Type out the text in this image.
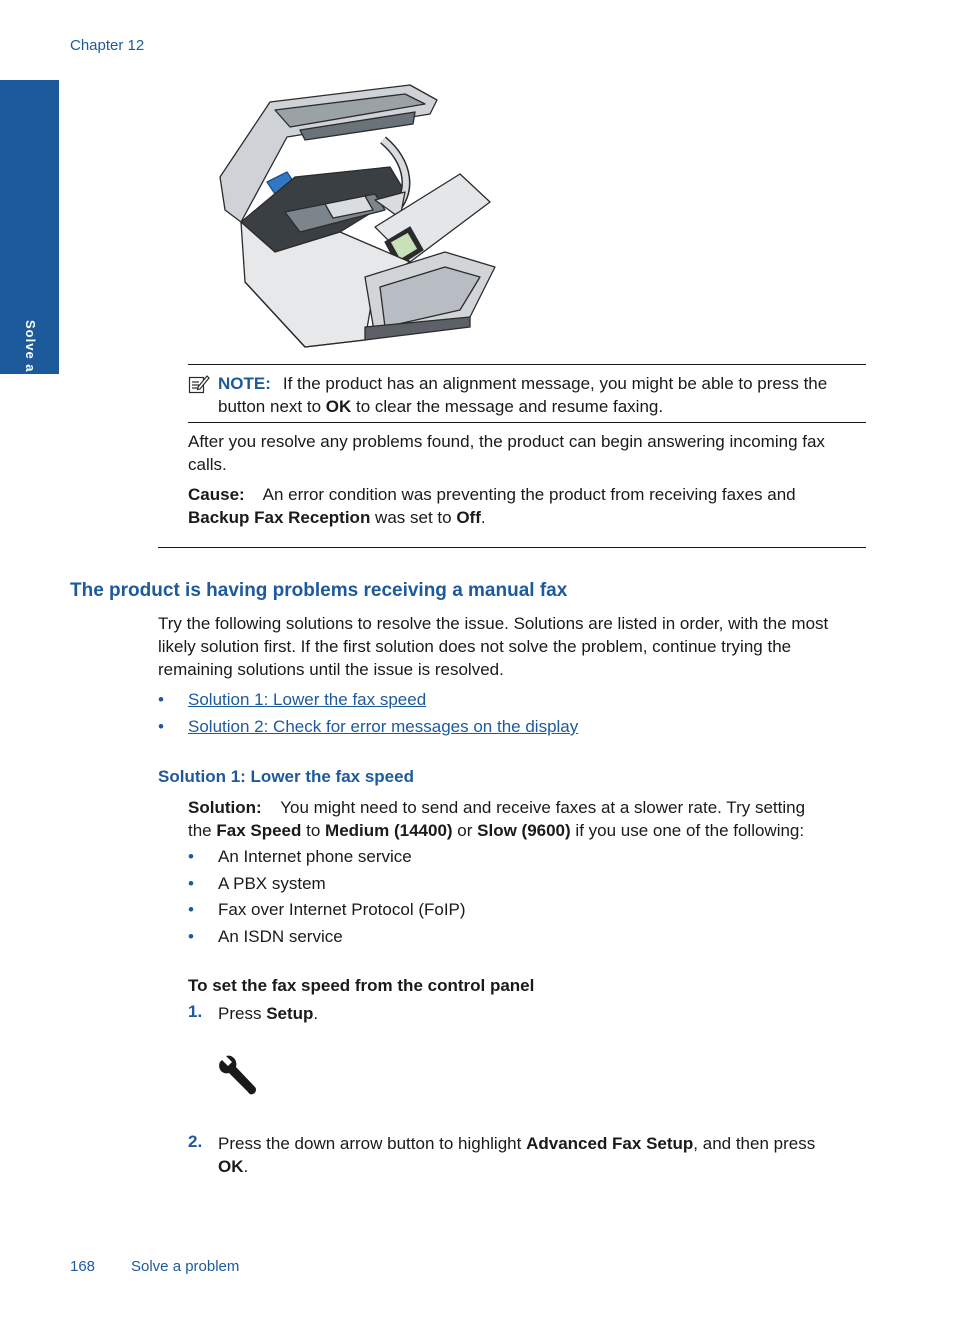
Chapter 12
Solve a problem	NOTE: If the product has an alignment message, you might be able to press the
button next to OK to clear the message and resume faxing.
After you resolve any problems found, the product can begin answering incoming fax
calls.
Cause: An error condition was preventing the product from receiving faxes and
Backup Fax Reception was set to Off.
The product is having problems receiving a manual fax
Try the following solutions to resolve the issue. Solutions are listed in order, with the most
likely solution first. If the first solution does not solve the problem, continue trying the
remaining solutions until the issue is resolved.
• Solution 1: Lower the fax speed
• Solution 2: Check for error messages on the display
Solution 1: Lower the fax speed
Solution: You might need to send and receive faxes at a slower rate. Try setting
the Fax Speed to Medium (14400) or Slow (9600) if you use one of the following:
• An Internet phone service
• A PBX system
• Fax over Internet Protocol (FoIP)
• An ISDN service
To set the fax speed from the control panel
1. Press Setup.
2. Press the down arrow button to highlight Advanced Fax Setup, and then press
OK.
168 Solve a problem
